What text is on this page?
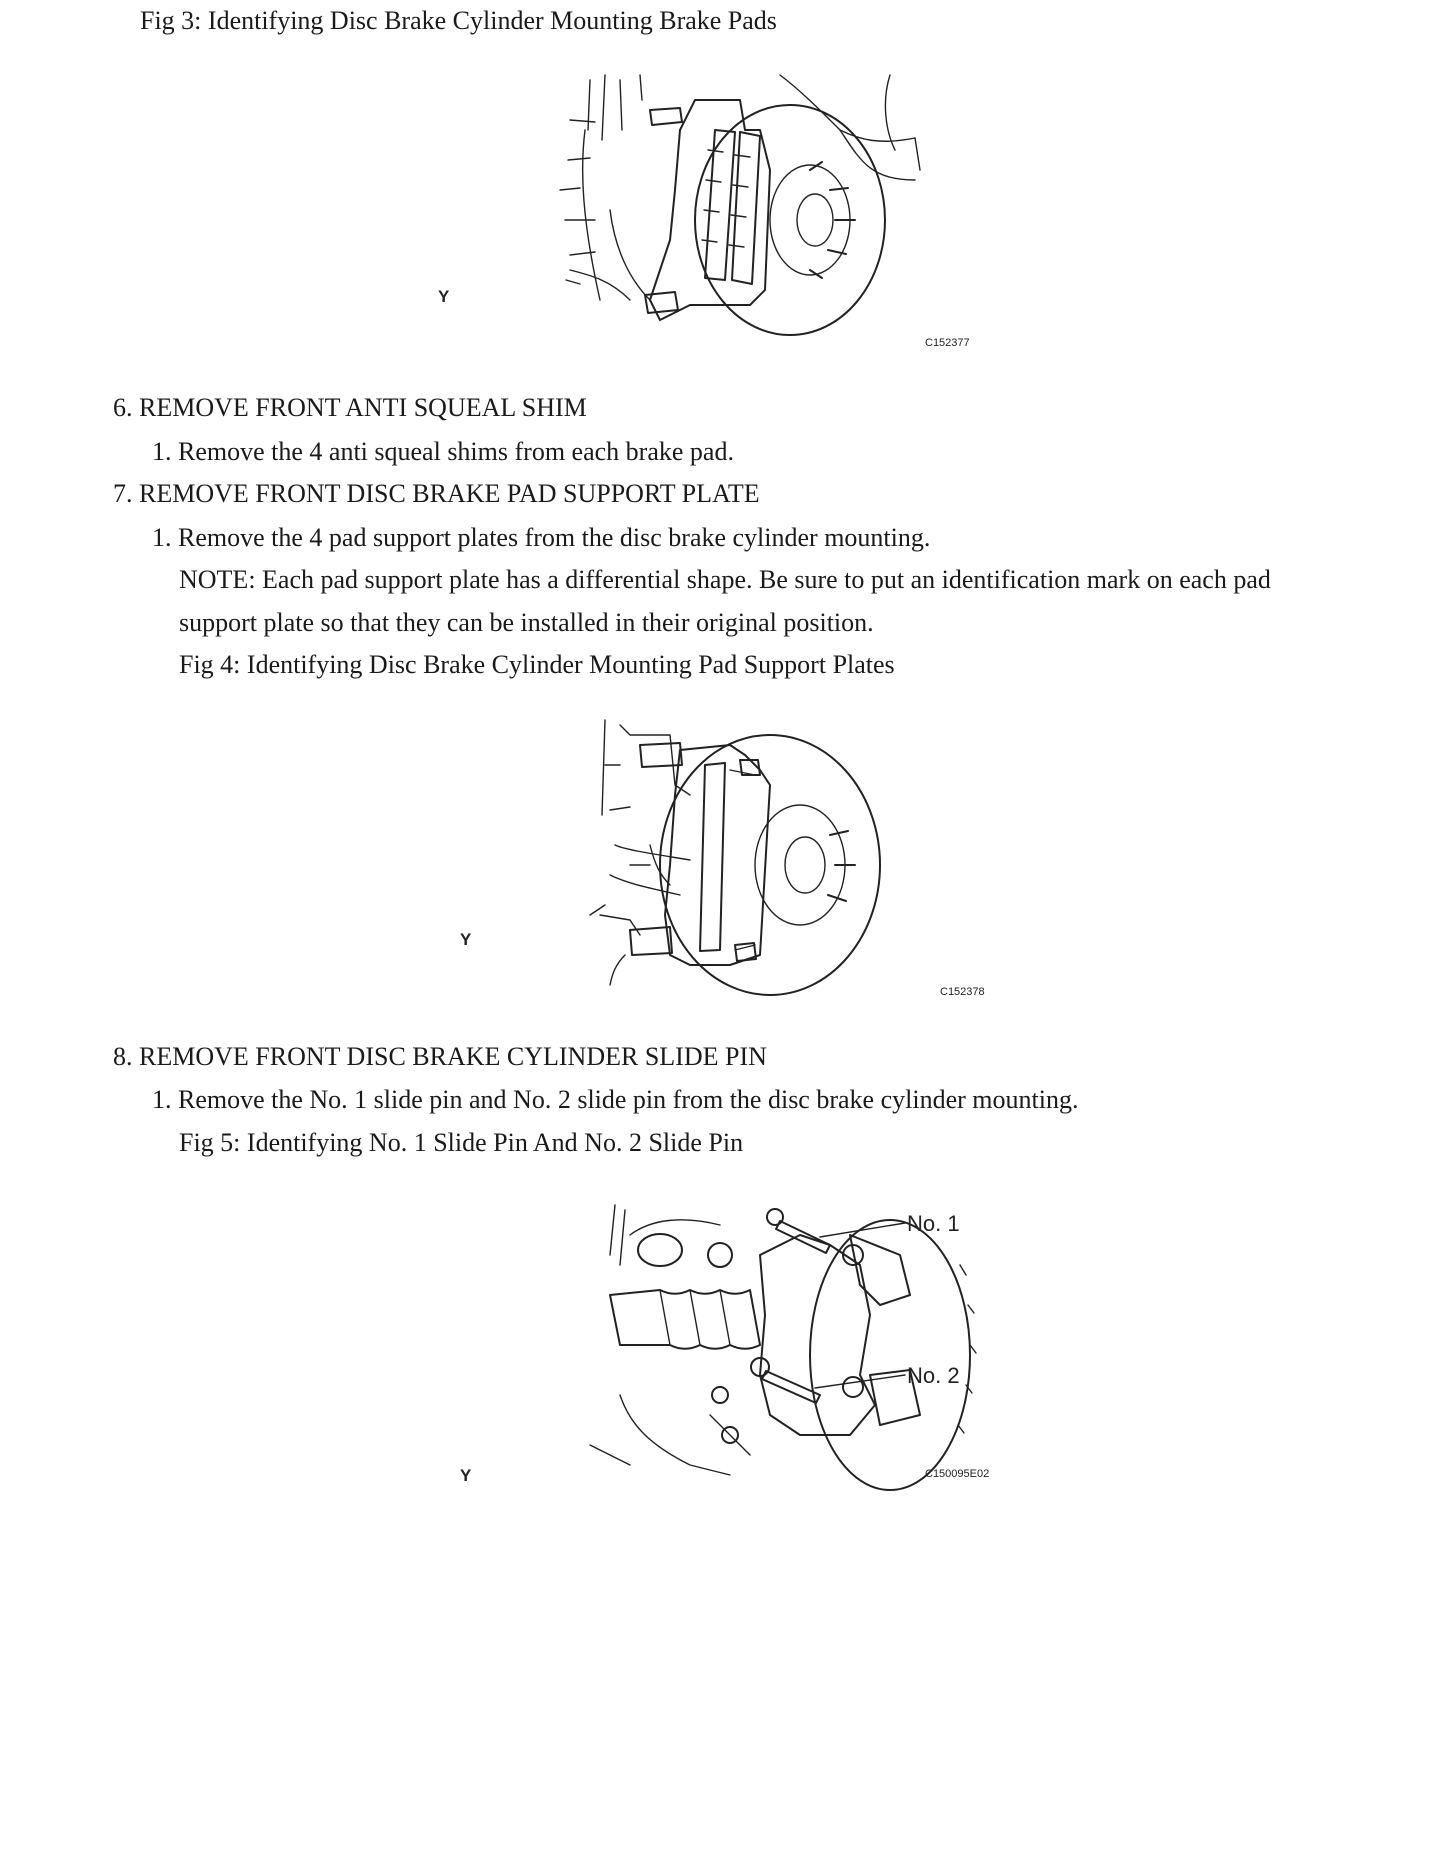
Fig 3: Identifying Disc Brake Cylinder Mounting Brake Pads
Y
C152377
6. REMOVE FRONT ANTI SQUEAL SHIM
1. Remove the 4 anti squeal shims from each brake pad.
7. REMOVE FRONT DISC BRAKE PAD SUPPORT PLATE
1. Remove the 4 pad support plates from the disc brake cylinder mounting.
NOTE: Each pad support plate has a differential shape. Be sure to put an identification mark on each pad
support plate so that they can be installed in their original position.
Fig 4: Identifying Disc Brake Cylinder Mounting Pad Support Plates
Y
C152378
8. REMOVE FRONT DISC BRAKE CYLINDER SLIDE PIN
1. Remove the No. 1 slide pin and No. 2 slide pin from the disc brake cylinder mounting.
Fig 5: Identifying No. 1 Slide Pin And No. 2 Slide Pin
No. 1
No. 2
Y	C150095E02
